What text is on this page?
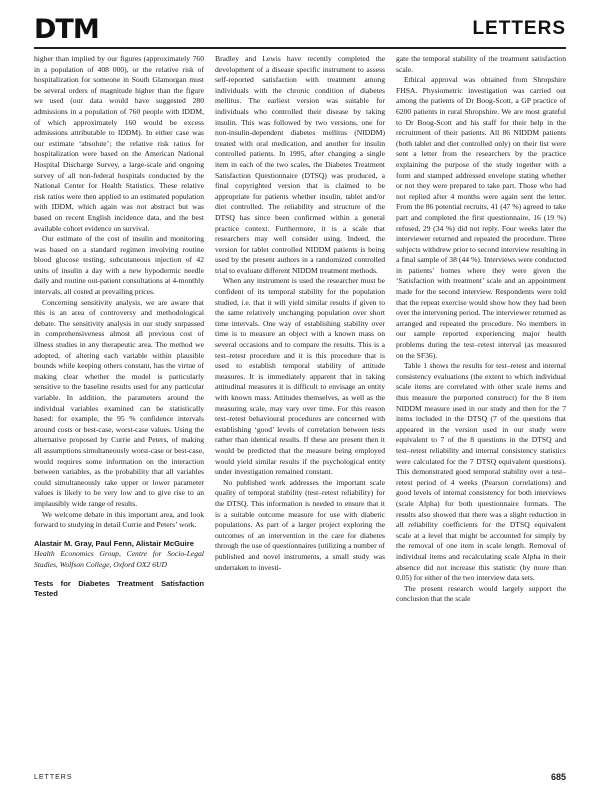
DTM	LETTERS

higher than implied by our figures (approximately 760 in a population of 408 000), or the relative risk of hospitalization for someone in South Glamorgan must be several orders of magnitude higher than the figure we used (our data would have suggested 280 admissions in a population of 760 people with IDDM, of which approximately 160 would be excess admissions attributable to IDDM). In either case was our estimate ‘absolute’; the relative risk ratios for hospitalization were based on the American National Hospital Discharge Survey, a large-scale and ongoing survey of all non-federal hospitals conducted by the National Center for Health Statistics. These relative risk ratios were then applied to an estimated population with IDDM, which again was not abstract but was based on recent English incidence data, and the best available cohort evidence on survival.

Our estimate of the cost of insulin and monitoring was based on a standard regimen involving routine blood glucose testing, subcutaneous injection of 42 units of insulin a day with a new hypodermic needle daily and routine out-patient consultations at 4-monthly intervals, all costed at prevailing prices.

Concerning sensitivity analysis, we are aware that this is an area of controversy and methodological debate. The sensitivity analysis in our study surpassed in comprehensiveness almost all previous cost of illness studies in any therapeutic area. The method we adopted, of altering each variable within plausible bounds while keeping others constant, has the virtue of making clear whether the model is particularly sensitive to the baseline results used for any particular variable. In addition, the parameters around the individual variables examined can be statistically based: for example, the 95 % confidence intervals around costs or best-case, worst-case values. Using the alternative proposed by Currie and Peters, of making all assumptions simultaneously worst-case or best-case, would requires some information on the interaction between variables, as the probability that all variables could simultaneously take upper or lower parameter values is likely to be very low and to give rise to an implausibly wide range of results.

We welcome debate in this important area, and look forward to studying in detail Currie and Peters’ work.

Alastair M. Gray, Paul Fenn, Alistair McGuire
Health Economics Group, Centre for Socio-Legal Studies, Wolfson College, Oxford OX2 6UD
Tests for Diabetes Treatment Satisfaction Tested

Bradley and Lewis have recently completed the development of a disease specific instrument to assess self-reported satisfaction with treatment among individuals with the chronic condition of diabetes mellitus. The earliest version was suitable for individuals who controlled their disease by taking insulin. This was followed by two versions, one for non-insulin-dependent diabetes mellitus (NIDDM) treated with oral medication, and another for insulin controlled patients. In 1995, after changing a single item in each of the two scales, the Diabetes Treatment Satisfaction Questionnaire (DTSQ) was produced, a final copyrighted version that is claimed to be appropriate for patients whether insulin, tablet and/or diet controlled. The reliability and structure of the DTSQ has since been confirmed within a general practice context. Furthermore, it is a scale that researchers may well consider using. Indeed, the version for tablet controlled NIDDM patients is being used by the present authors in a randomized controlled trial to evaluate different NIDDM treatment methods.

When any instrument is used the researcher must be confident of its temporal stability for the population studied, i.e. that it will yield similar results if given to the same relatively unchanging population over short time intervals. One way of establishing stability over time is to measure an object with a known mass on several occasions and to compare the results. This is a test–retest procedure and it is this procedure that is used to establish temporal stability of attitude measures. It is immediately apparent that in taking attitudinal measures it is difficult to envisage an entity with known mass. Attitudes themselves, as well as the measuring scale, may vary over time. For this reason test–retest behavioural procedures are concerned with establishing ‘good’ levels of correlation between tests rather than identical results. If these are present then it would be predicted that the measure being employed would yield similar results if the psychological entity under investigation remained constant.

No published work addresses the important scale quality of temporal stability (test–retest reliability) for the DTSQ. This information is needed to ensure that it is a suitable outcome measure for use with diabetic populations. As part of a larger project exploring the outcomes of an intervention in the care for diabetes through the use of questionnaires (utilizing a number of published and novel instruments, a small study was undertaken to investi-

gate the temporal stability of the treatment satisfaction scale.

Ethical approval was obtained from Shropshire FHSA. Physiometric investigation was carried out among the patients of Dr Boog-Scott, a GP practice of 6200 patients in rural Shropshire. We are most grateful to Dr Boog-Scott and his staff for their help in the recruitment of their patients. All 86 NIDDM patients (both tablet and diet controlled only) on their list were sent a letter from the researchers by the practice explaining the purpose of the study together with a form and stamped addressed envelope stating whether or not they were prepared to take part. Those who had not replied after 4 months were again sent the letter. From the 86 potential recruits, 41 (47 %) agreed to take part and completed the first questionnaire, 16 (19 %) refused, 29 (34 %) did not reply. Four weeks later the interviewer returned and repeated the procedure. Three subjects withdrew prior to second interview resulting in a final sample of 38 (44 %). Interviews were conducted in patients’ homes where they were given the ‘Satisfaction with treatment’ scale and an appointment made for the second interview. Respondents were told that the repeat exercise would show how they had been over the intervening period. The interviewer returned as arranged and repeated the procedure. No members in our sample reported experiencing major health problems during the test–retest interval (as measured on the SF36).

Table 1 shows the results for test–retest and internal consistency evaluations (the extent to which individual scale items are correlated with other scale items and thus measure the purported construct) for the 8 item NIDDM measure used in our study and then for the 7 items included in the DTSQ (7 of the questions that appeared in the version used in our study were equivalent to 7 of the 8 questions in the DTSQ and test–retest reliability and internal consistency statistics were calculated for the 7 DTSQ equivalent questions). This demonstrated good temporal stability over a test–retest period of 4 weeks (Pearson correlations) and good levels of internal consistency for both interviews (scale Alpha) for both questionnaire formats. The results also showed that there was a slight reduction in all reliability coefficients for the DTSQ equivalent scale at a level that might be accounted for simply by the removal of one item in scale length. Removal of individual items and recalculating scale Alpha in their absence did not increase this statistic (by more than 0.05) for either of the two interview data sets.

The present research would largely support the conclusion that the scale

LETTERS	685
